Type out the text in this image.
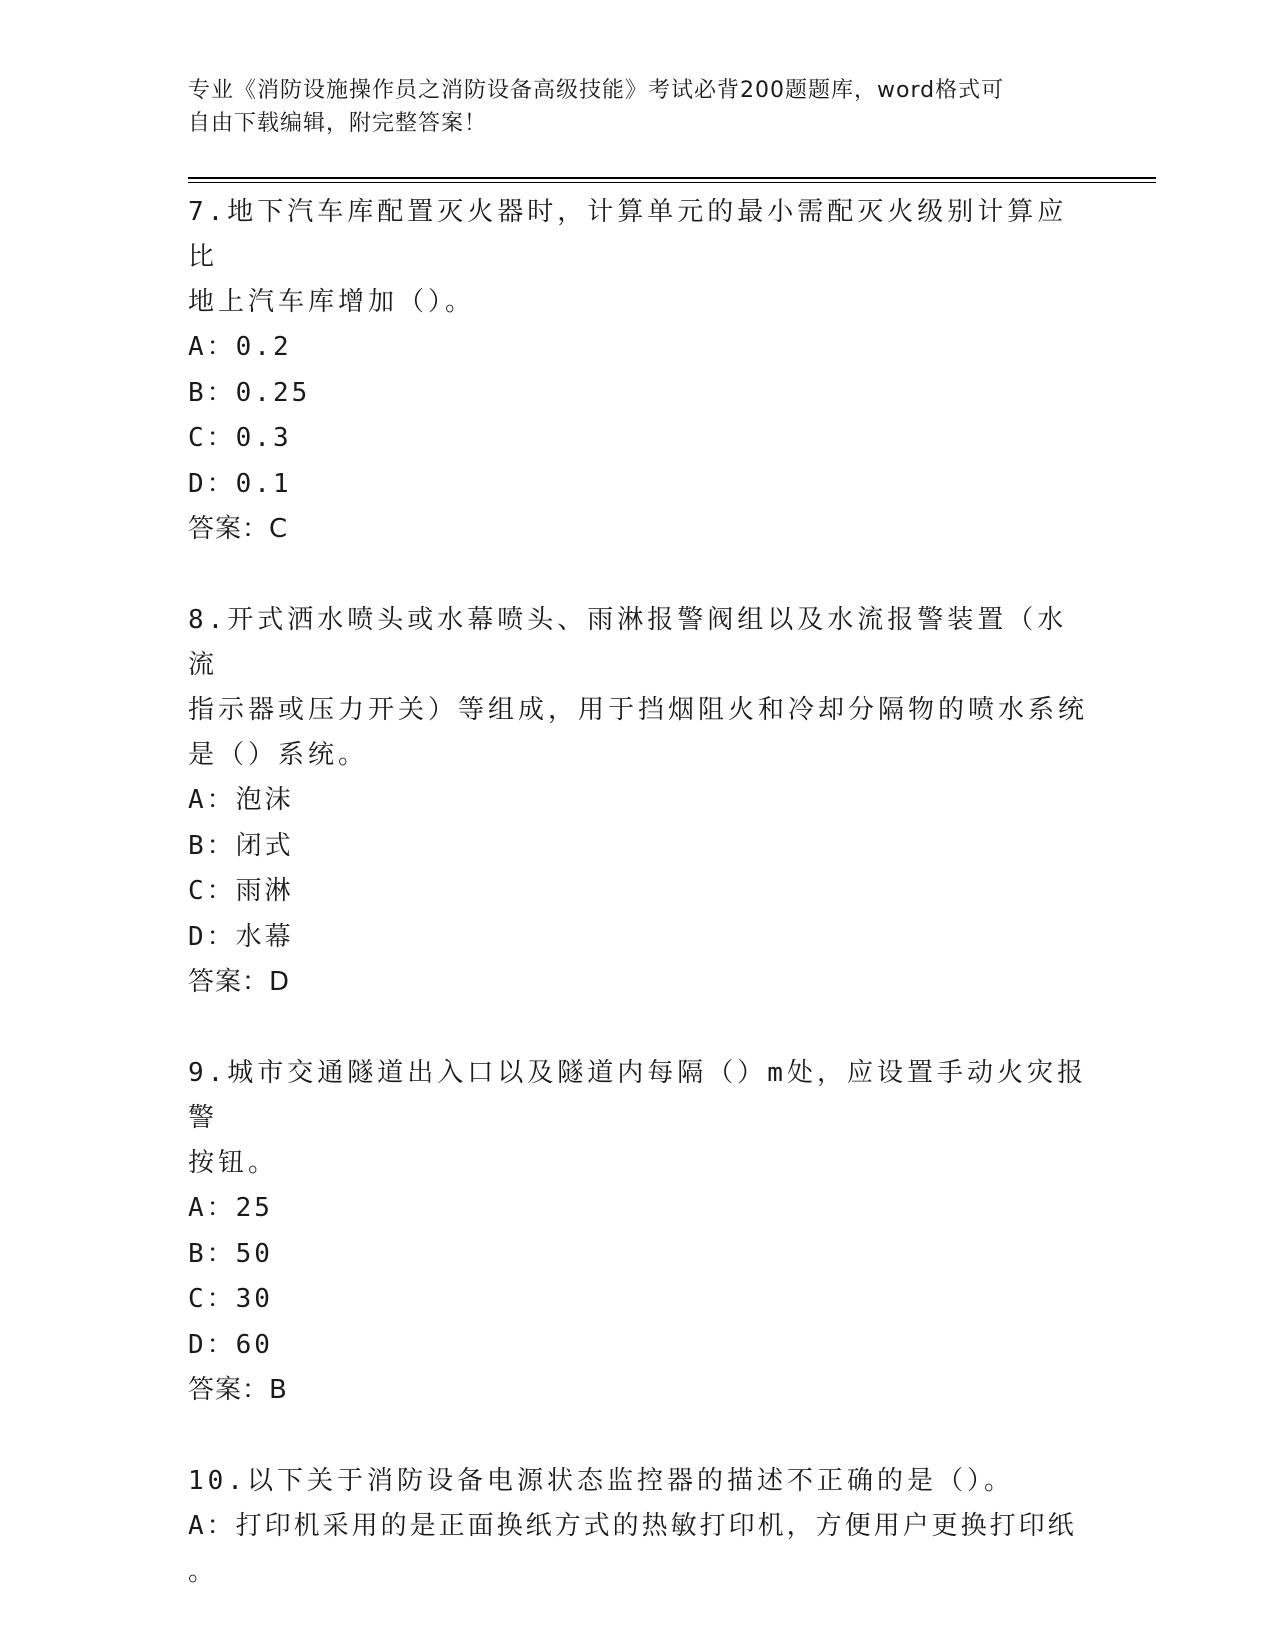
专业《消防设施操作员之消防设备高级技能》考试必背200题题库，word格式可
自由下载编辑，附完整答案！
7.地下汽车库配置灭火器时，计算单元的最小需配灭火级别计算应比
地上汽车库增加（）。
A：0.2
B：0.25
C：0.3
D：0.1
答案：C
8.开式洒水喷头或水幕喷头、雨淋报警阀组以及水流报警装置（水流
指示器或压力开关）等组成，用于挡烟阻火和冷却分隔物的喷水系统
是（）系统。
A：泡沫
B：闭式
C：雨淋
D：水幕
答案：D
9.城市交通隧道出入口以及隧道内每隔（）m处，应设置手动火灾报警
按钮。
A：25
B：50
C：30
D：60
答案：B
10.以下关于消防设备电源状态监控器的描述不正确的是（）。
A：打印机采用的是正面换纸方式的热敏打印机，方便用户更换打印纸
。
